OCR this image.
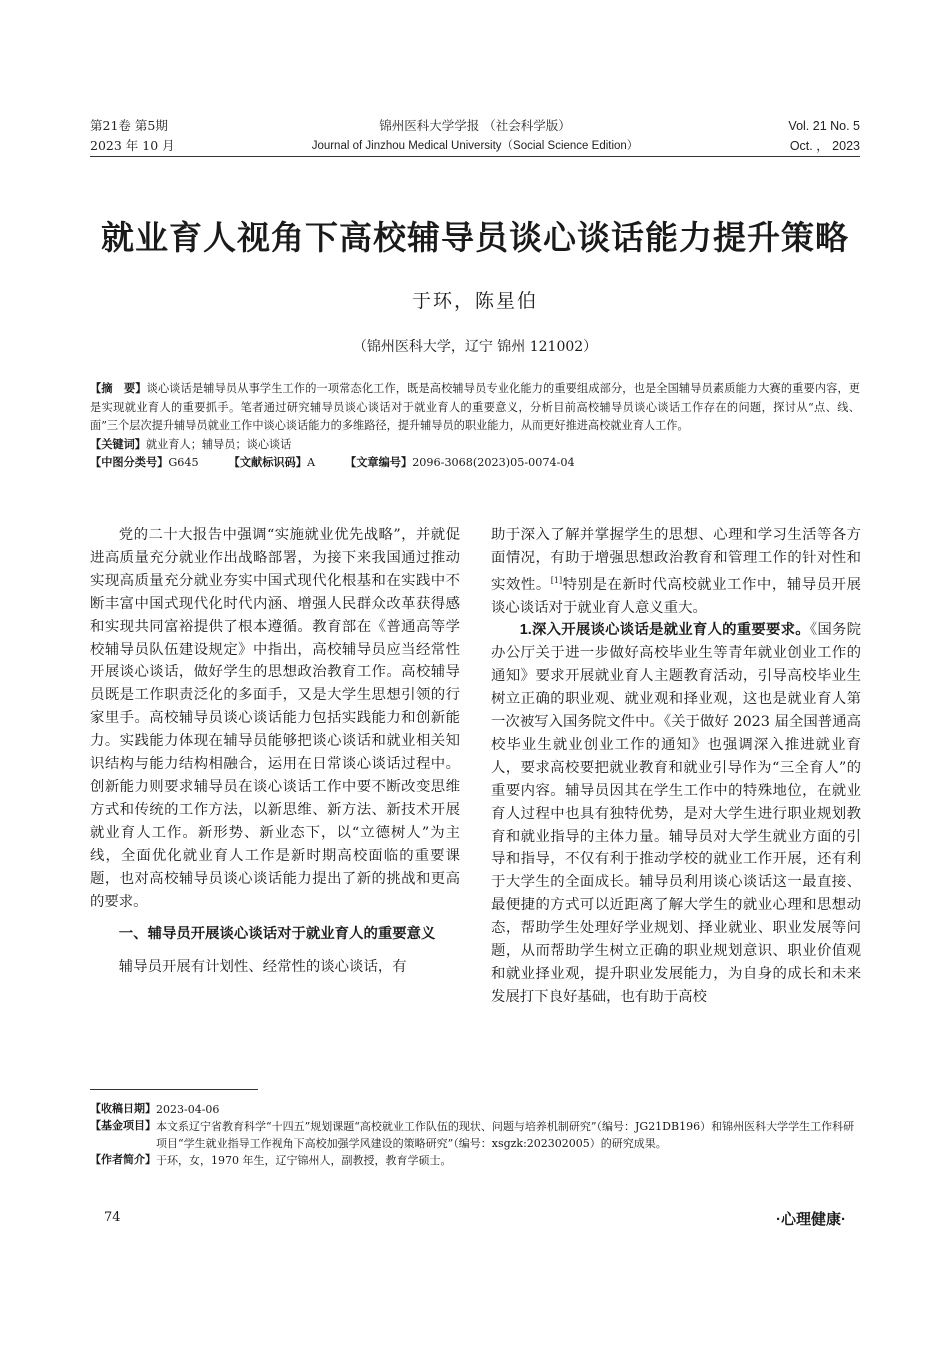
第21卷 第5期
2023 年 10 月
锦州医科大学学报 （社会科学版）
Journal of Jinzhou Medical University（Social Science Edition）
Vol. 21 No. 5
Oct. ， 2023
就业育人视角下高校辅导员谈心谈话能力提升策略
于环，陈星伯
（锦州医科大学，辽宁 锦州 121002）

【摘　要】谈心谈话是辅导员从事学生工作的一项常态化工作，既是高校辅导员专业化能力的重要组成部分，也是全国辅导员素质能力大赛的重要内容，更是实现就业育人的重要抓手。笔者通过研究辅导员谈心谈话对于就业育人的重要意义，分析目前高校辅导员谈心谈话工作存在的问题，探讨从“点、线、面”三个层次提升辅导员就业工作中谈心谈话能力的多维路径，提升辅导员的职业能力，从而更好推进高校就业育人工作。

【关键词】就业育人；辅导员；谈心谈话
【中图分类号】G645	【文献标识码】A	【文章编号】2096-3068(2023)05-0074-04

党的二十大报告中强调“实施就业优先战略”，并就促进高质量充分就业作出战略部署，为接下来我国通过推动实现高质量充分就业夯实中国式现代化根基和在实践中不断丰富中国式现代化时代内涵、增强人民群众改革获得感和实现共同富裕提供了根本遵循。教育部在《普通高等学校辅导员队伍建设规定》中指出，高校辅导员应当经常性开展谈心谈话，做好学生的思想政治教育工作。高校辅导员既是工作职责泛化的多面手，又是大学生思想引领的行家里手。高校辅导员谈心谈话能力包括实践能力和创新能力。实践能力体现在辅导员能够把谈心谈话和就业相关知识结构与能力结构相融合，运用在日常谈心谈话过程中。创新能力则要求辅导员在谈心谈话工作中要不断改变思维方式和传统的工作方法，以新思维、新方法、新技术开展就业育人工作。新形势、新业态下，以“立德树人”为主线，全面优化就业育人工作是新时期高校面临的重要课题，也对高校辅导员谈心谈话能力提出了新的挑战和更高的要求。

一、辅导员开展谈心谈话对于就业育人的重要意义

辅导员开展有计划性、经常性的谈心谈话，有

助于深入了解并掌握学生的思想、心理和学习生活等各方面情况，有助于增强思想政治教育和管理工作的针对性和实效性。[1]特别是在新时代高校就业工作中，辅导员开展谈心谈话对于就业育人意义重大。

1.深入开展谈心谈话是就业育人的重要要求。《国务院办公厅关于进一步做好高校毕业生等青年就业创业工作的通知》要求开展就业育人主题教育活动，引导高校毕业生树立正确的职业观、就业观和择业观，这也是就业育人第一次被写入国务院文件中。《关于做好 2023 届全国普通高校毕业生就业创业工作的通知》也强调深入推进就业育人，要求高校要把就业教育和就业引导作为“三全育人”的重要内容。辅导员因其在学生工作中的特殊地位，在就业育人过程中也具有独特优势，是对大学生进行职业规划教育和就业指导的主体力量。辅导员对大学生就业方面的引导和指导，不仅有利于推动学校的就业工作开展，还有利于大学生的全面成长。辅导员利用谈心谈话这一最直接、最便捷的方式可以近距离了解大学生的就业心理和思想动态，帮助学生处理好学业规划、择业就业、职业发展等问题，从而帮助学生树立正确的职业规划意识、职业价值观和就业择业观，提升职业发展能力，为自身的成长和未来发展打下良好基础，也有助于高校

【收稿日期】 2023-04-06
【基金项目】 本文系辽宁省教育科学“十四五”规划课题“高校就业工作队伍的现状、问题与培养机制研究”（编号：JG21DB196）和锦州医科大学学生工作科研项目“学生就业指导工作视角下高校加强学风建设的策略研究”（编号：xsgzk:202302005）的研究成果。
【作者简介】 于环，女，1970 年生，辽宁锦州人，副教授，教育学硕士。
74	·心理健康·
